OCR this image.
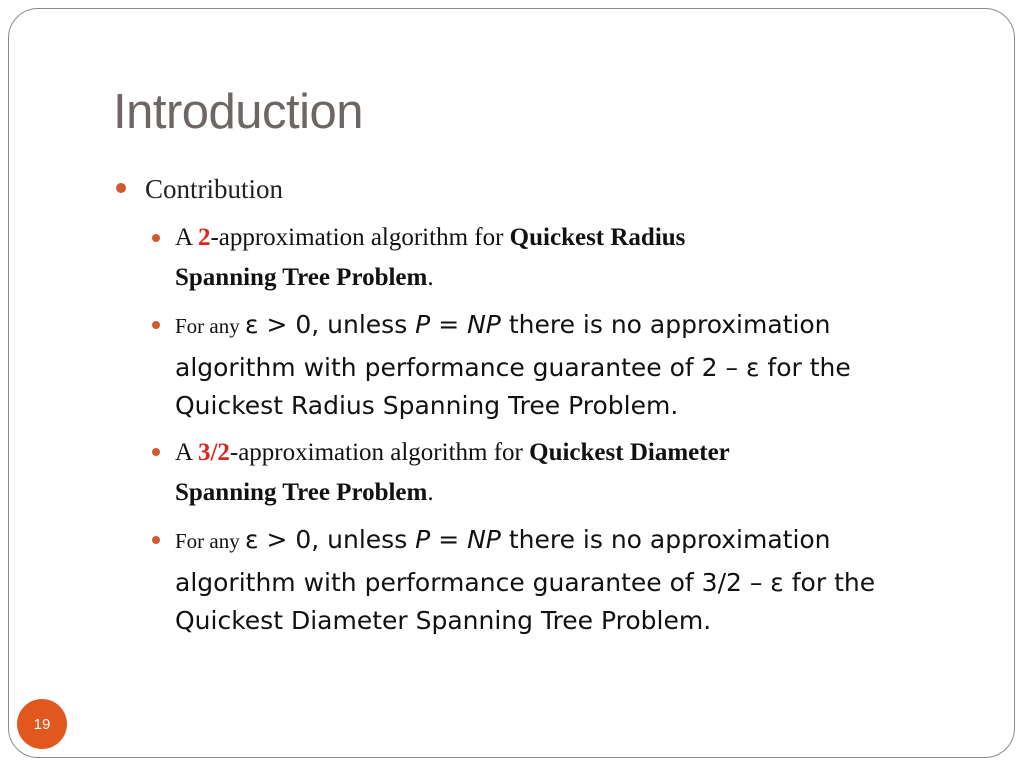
Introduction
Contribution
A 2-approximation algorithm for Quickest Radius
Spanning Tree Problem.
For any ε > 0, unless P = NP there is no approximation
algorithm with performance guarantee of 2 – ε for the
Quickest Radius Spanning Tree Problem.
A 3/2-approximation algorithm for Quickest Diameter
Spanning Tree Problem.
For any ε > 0, unless P = NP there is no approximation
algorithm with performance guarantee of 3/2 – ε for the
Quickest Diameter Spanning Tree Problem.
19
